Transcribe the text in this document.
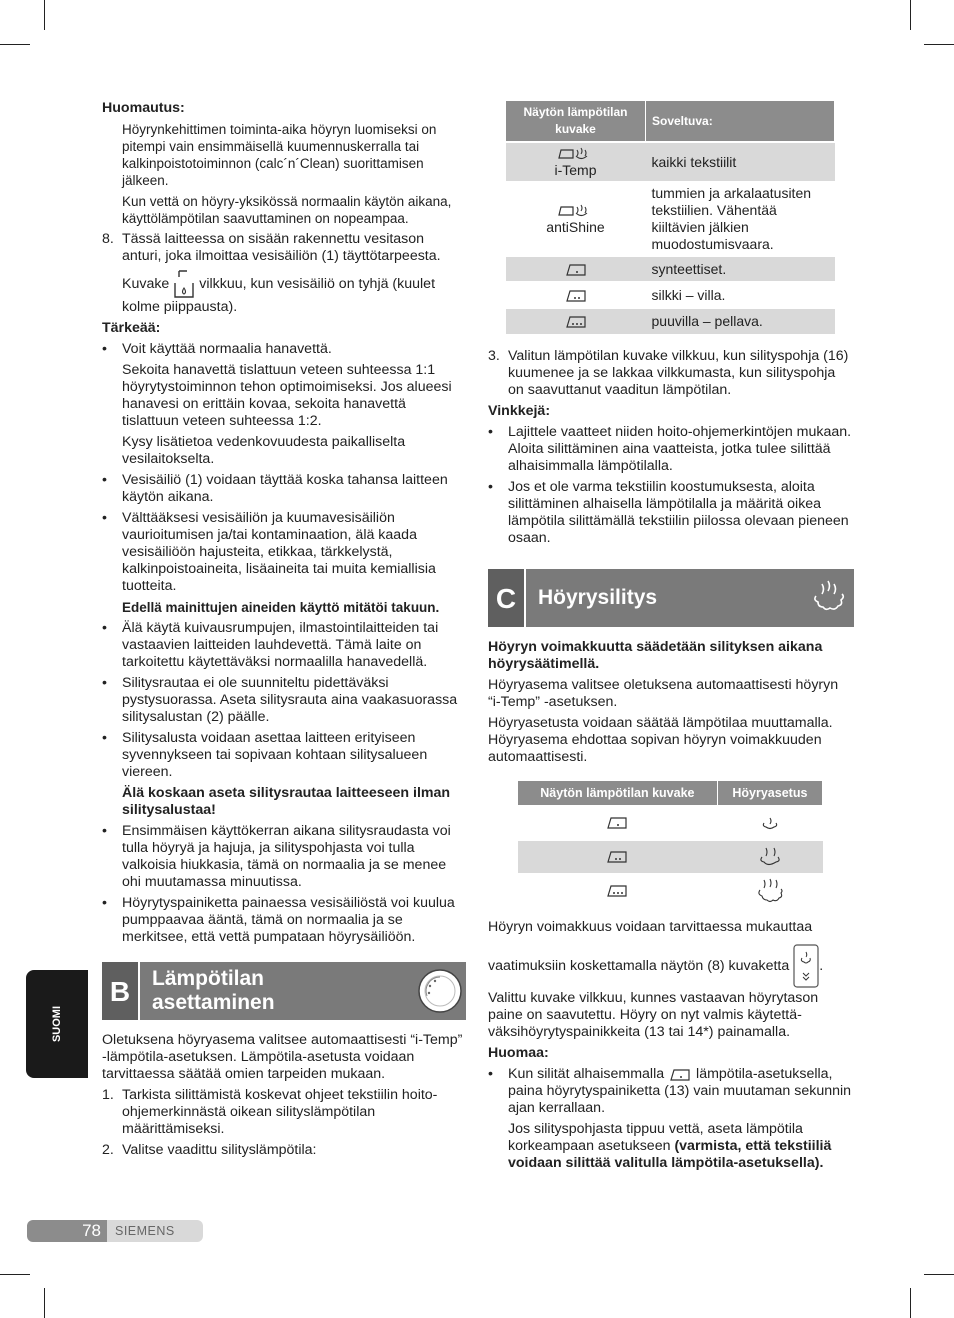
Huomautus:

Höyrynkehittimen toiminta-aika höyryn luomiseksi on pitempi vain ensimmäisellä kuumennuskerralla tai kalkinpoistotoiminnon (calc´n´Clean) suorittamisen jälkeen.

Kun vettä on höyry-yksikössä normaalin käytön aikana, käyttölämpötilan saavuttaminen on nopeampaa.

8. Tässä laitteessa on sisään rakennettu vesitason anturi, joka ilmoittaa vesisäiliön (1) täyttötarpeesta.

Kuvake vilkkuu, kun vesisäiliö on tyhjä (kuulet kolme piippausta).

Tärkeää:

•	Voit käyttää normaalia hanavettä.

Sekoita hanavettä tislattuun veteen suhteessa 1:1 höyrytystoiminnon tehon optimoimiseksi. Jos alueesi hanavesi on erittäin kovaa, sekoita hanavettä tislattuun veteen suhteessa 1:2.

Kysy lisätietoa vedenkovuudesta paikalliselta vesilaitokselta.

•	Vesisäiliö (1) voidaan täyttää koska tahansa laitteen käytön aikana.
•	Välttääksesi vesisäiliön ja kuumavesisäiliön vaurioitumisen ja/tai kontaminaation, älä kaada vesisäiliöön hajusteita, etikkaa, tärkkelystä, kalkinpoistoaineita, lisäaineita tai muita kemiallisia tuotteita.

Edellä mainittujen aineiden käyttö mitätöi takuun.

•	Älä käytä kuivausrumpujen, ilmastointilaitteiden tai vastaavien laitteiden lauhdevettä. Tämä laite on tarkoitettu käytettäväksi normaalilla hanavedellä.
•	Silitysrautaa ei ole suunniteltu pidettäväksi pystysuorassa. Aseta silitysrauta aina vaakasuorassa silitysalustan (2) päälle.
•	Silitysalusta voidaan asettaa laitteen erityiseen syvennykseen tai sopivaan kohtaan silitysalueen viereen.

Älä koskaan aseta silitysrautaa laitteeseen ilman silitysalustaa!

•	Ensimmäisen käyttökerran aikana silitysraudasta voi tulla höyryä ja hajuja, ja silityspohjasta voi tulla valkoisia hiukkasia, tämä on normaalia ja se menee ohi muutamassa minuutissa.
•	Höyrytyspainiketta painaessa vesisäiliöstä voi kuulua pumppaavaa ääntä, tämä on normaalia ja se merkitsee, että vettä pumpataan höyrysäiliöön.
B	Lämpötilan
asettaminen

Oletuksena höyryasema valitsee automaattisesti “i-Temp” -lämpötila-asetuksen. Lämpötila-asetusta voidaan tarvittaessa säätää omien tarpeiden mukaan.

1. Tarkista silittämistä koskevat ohjeet tekstiilin hoito-ohjemerkinnästä oikean silityslämpötilan määrittämiseksi.
2. Valitse vaadittu silityslämpötila:
Näytön lämpötilan kuvake	Soveltuva:

i-Temp	kaikki tekstiilit

antiShine	tummien ja arkalaatusiten tekstiilien. Vähentää kiiltävien jälkien muodostumisvaara.
	synteettiset.
	silkki – villa.
	puuvilla – pellava.
3. Valitun lämpötilan kuvake vilkkuu, kun silityspohja (16) kuumenee ja se lakkaa vilkkumasta, kun silityspohja on saavuttanut vaaditun lämpötilan.

Vinkkejä:

•	Lajittele vaatteet niiden hoito-ohjemerkintöjen mukaan. Aloita silittäminen aina vaatteista, jotka tulee silittää alhaisimmalla lämpötilalla.
•	Jos et ole varma tekstiilin koostumuksesta, aloita silittäminen alhaisella lämpötilalla ja määritä oikea lämpötila silittämällä tekstiilin piilossa olevaan pieneen osaan.
C	Höyrysilitys

Höyryn voimakkuutta säädetään silityksen aikana höyrysäätimellä.

Höyryasema valitsee oletuksena automaattisesti höyryn “i-Temp” -asetuksen.

Höyryasetusta voidaan säätää lämpötilaa muuttamalla. Höyryasema ehdottaa sopivan höyryn voimakkuuden automaattisesti.

Näytön lämpötilan kuvake	Höyryasetus

Höyryn voimakkuus voidaan tarvittaessa mukauttaa

vaatimuksiin koskettamalla näytön (8) kuvaketta .

Valittu kuvake vilkkuu, kunnes vastaavan höyrytason paine on saavutettu. Höyry on nyt valmis käytettäväksihöyrytyspainikkeita (13 tai 14*) painamalla.

Huomaa:

•	Kun silität alhaisemmalla lämpötila-asetuksella, paina höyrytyspainiketta (13) vain muutaman sekunnin ajan kerrallaan.

Jos silityspohjasta tippuu vettä, aseta lämpötila korkeampaan asetukseen (varmista, että tekstiiliä voidaan silittää valitulla lämpötila-asetuksella).

SUOMI
78	SIEMENS
